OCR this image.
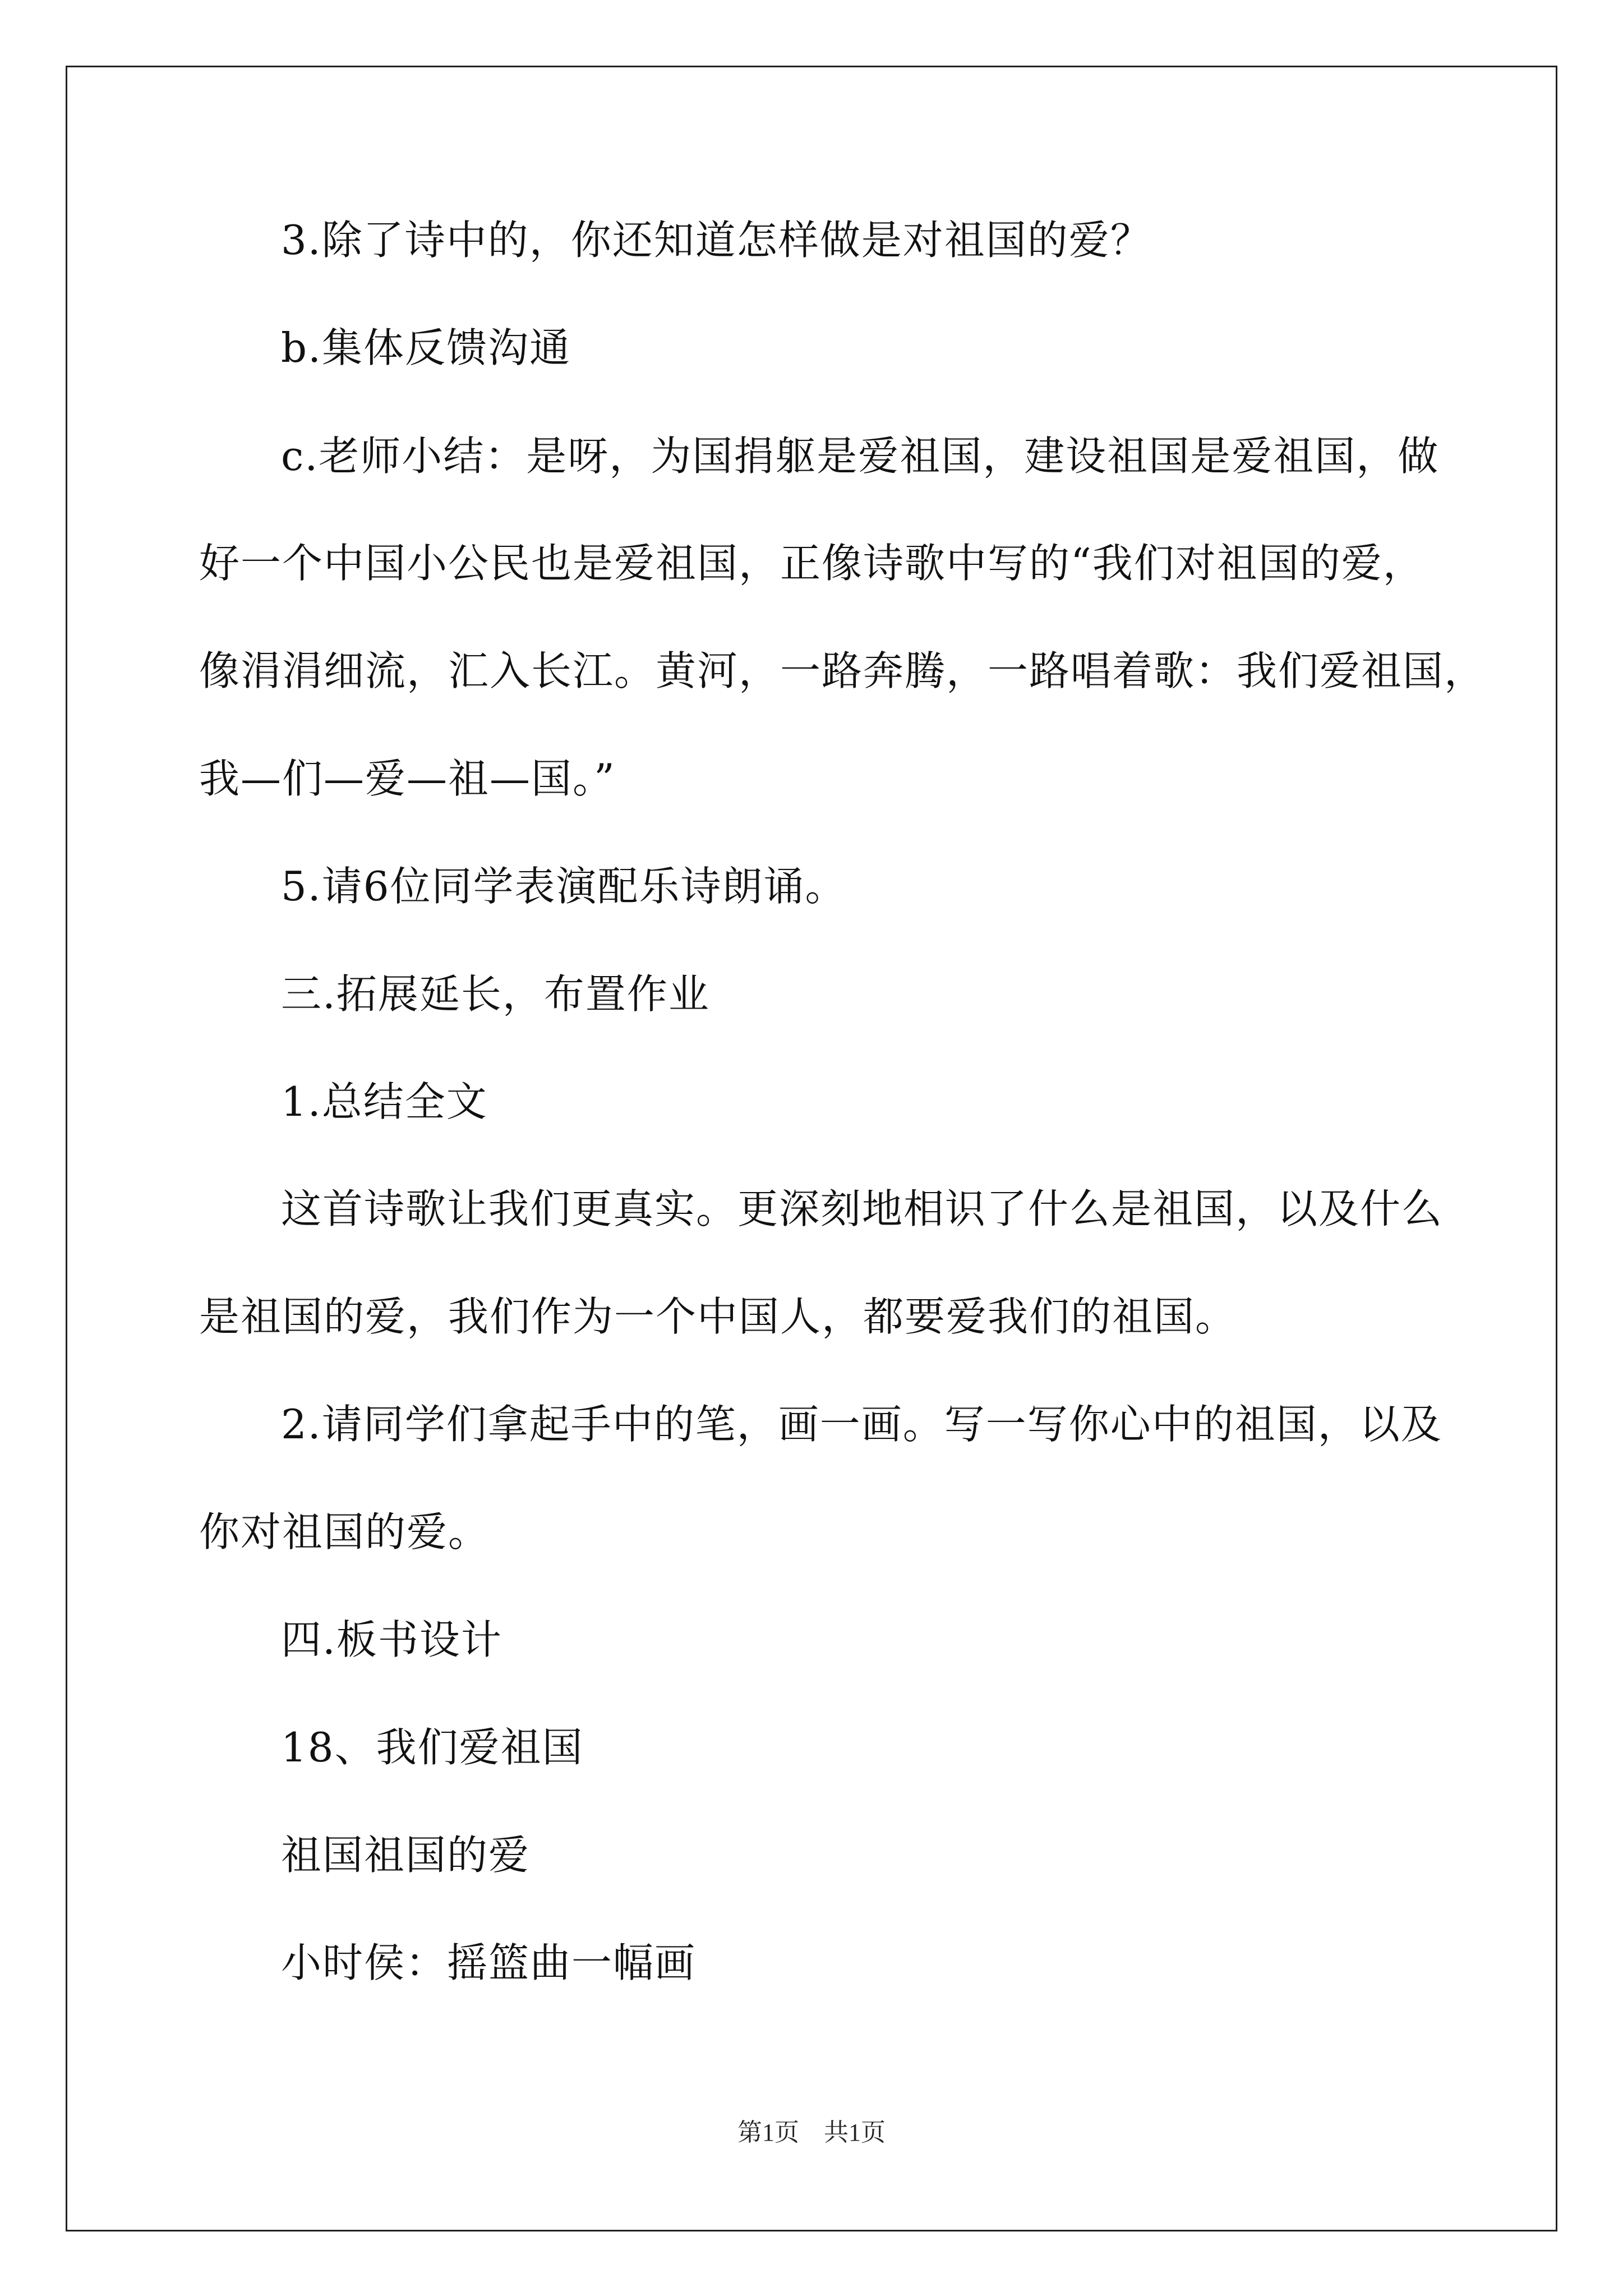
3.除了诗中的，你还知道怎样做是对祖国的爱？
b.集体反馈沟通
c.老师小结：是呀，为国捐躯是爱祖国，建设祖国是爱祖国，做
好一个中国小公民也是爱祖国，正像诗歌中写的“我们对祖国的爱，
像涓涓细流，汇入长江。黄河，一路奔腾，一路唱着歌：我们爱祖国，
我—们—爱—祖—国。”
5.请6位同学表演配乐诗朗诵。
三.拓展延长，布置作业
1.总结全文
这首诗歌让我们更真实。更深刻地相识了什么是祖国，以及什么
是祖国的爱，我们作为一个中国人，都要爱我们的祖国。
2.请同学们拿起手中的笔，画一画。写一写你心中的祖国，以及
你对祖国的爱。
四.板书设计
18、我们爱祖国
祖国祖国的爱
小时侯：摇篮曲一幅画
第1页　共1页
